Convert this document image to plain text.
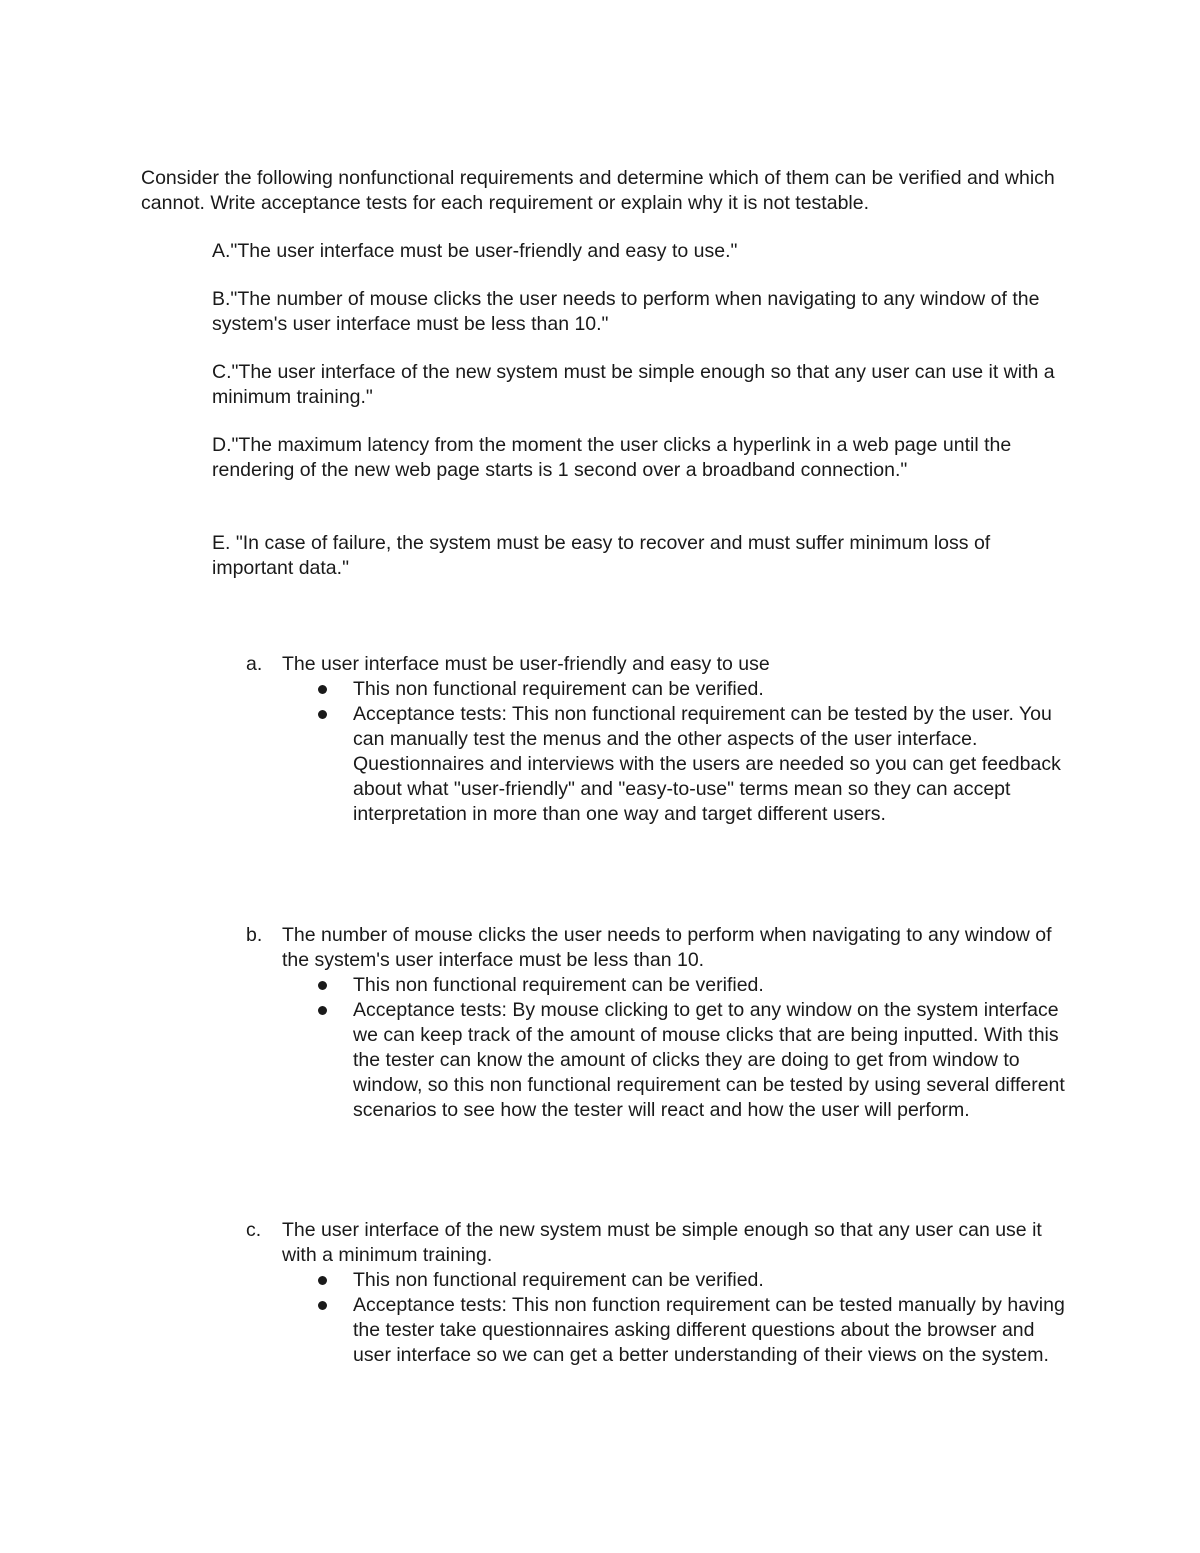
Consider the following nonfunctional requirements and determine which of them can be verified and which cannot. Write acceptance tests for each requirement or explain why it is not testable.

A."The user interface must be user-friendly and easy to use."

B."The number of mouse clicks the user needs to perform when navigating to any window of the system's user interface must be less than 10."

C."The user interface of the new system must be simple enough so that any user can use it with a minimum training."

D."The maximum latency from the moment the user clicks a hyperlink in a web page until the rendering of the new web page starts is 1 second over a broadband connection."

E. "In case of failure, the system must be easy to recover and must suffer minimum loss of important data."

a. The user interface must be user-friendly and easy to use

This non functional requirement can be verified.
Acceptance tests: This non functional requirement can be tested by the user. You can manually test the menus and the other aspects of the user interface. Questionnaires and interviews with the users are needed so you can get feedback about what "user-friendly" and "easy-to-use" terms mean so they can accept interpretation in more than one way and target different users.

b. The number of mouse clicks the user needs to perform when navigating to any window of the system's user interface must be less than 10.

This non functional requirement can be verified.
Acceptance tests: By mouse clicking to get to any window on the system interface we can keep track of the amount of mouse clicks that are being inputted. With this the tester can know the amount of clicks they are doing to get from window to window, so this non functional requirement can be tested by using several different scenarios to see how the tester will react and how the user will perform.

c. The user interface of the new system must be simple enough so that any user can use it with a minimum training.

This non functional requirement can be verified.
Acceptance tests: This non function requirement can be tested manually by having the tester take questionnaires asking different questions about the browser and user interface so we can get a better understanding of their views on the system.
